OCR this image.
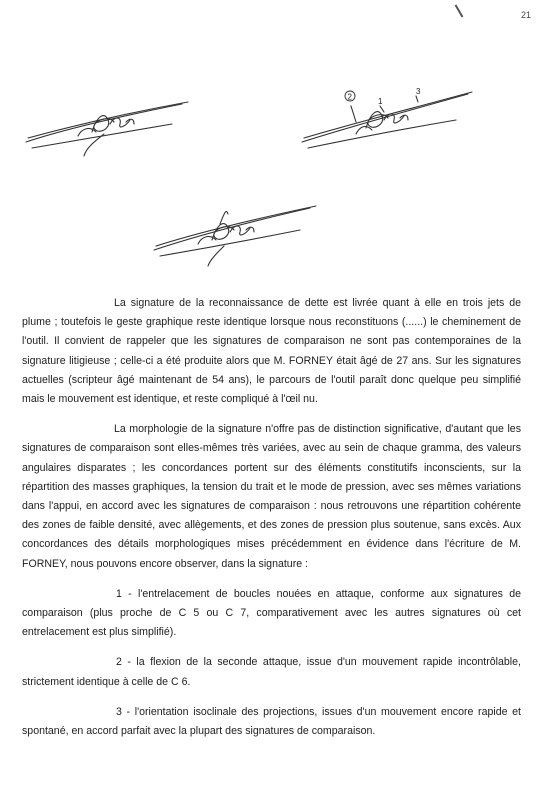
21
2	1
3

La signature de la reconnaissance de dette est livrée quant à elle en trois jets de plume ; toutefois le geste graphique reste identique lorsque nous reconstituons (......) le cheminement de l'outil. Il convient de rappeler que les signatures de comparaison ne sont pas contemporaines de la signature litigieuse ; celle-ci a été produite alors que M. FORNEY était âgé de 27 ans. Sur les signatures actuelles (scripteur âgé maintenant de 54 ans), le parcours de l'outil paraît donc quelque peu simplifié mais le mouvement est identique, et reste compliqué à l'œil nu.

La morphologie de la signature n'offre pas de distinction significative, d'autant que les signatures de comparaison sont elles-mêmes très variées, avec au sein de chaque gramma, des valeurs angulaires disparates ; les concordances portent sur des éléments constitutifs inconscients, sur la répartition des masses graphiques, la tension du trait et le mode de pression, avec ses mêmes variations dans l'appui, en accord avec les signatures de comparaison : nous retrouvons une répartition cohérente des zones de faible densité, avec allègements, et des zones de pression plus soutenue, sans excès. Aux concordances des détails morphologiques mises précédemment en évidence dans l'écriture de M. FORNEY, nous pouvons encore observer, dans la signature :

1 - l'entrelacement de boucles nouées en attaque, conforme aux signatures de comparaison (plus proche de C 5 ou C 7, comparativement avec les autres signatures où cet entrelacement est plus simplifié).

2 - la flexion de la seconde attaque, issue d'un mouvement rapide incontrôlable, strictement identique à celle de C 6.

3 - l'orientation isoclinale des projections, issues d'un mouvement encore rapide et spontané, en accord parfait avec la plupart des signatures de comparaison.
